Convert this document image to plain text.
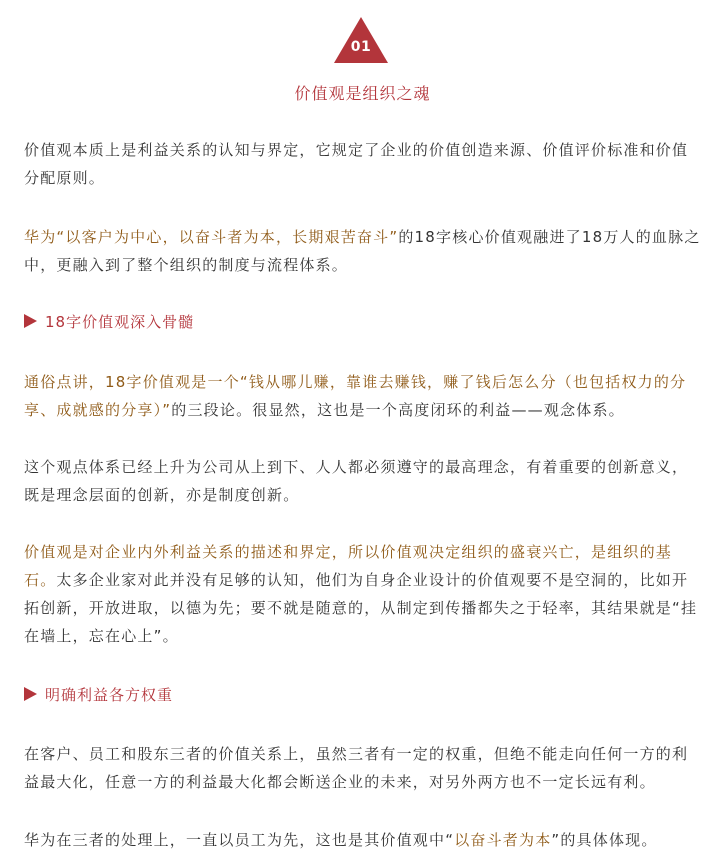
01
价值观是组织之魂

价值观本质上是利益关系的认知与界定，它规定了企业的价值创造来源、价值评价标准和价值分配原则。

华为“以客户为中心，以奋斗者为本，长期艰苦奋斗”的18字核心价值观融进了18万人的血脉之中，更融入到了整个组织的制度与流程体系。

18字价值观深入骨髓

通俗点讲，18字价值观是一个“钱从哪儿赚，靠谁去赚钱，赚了钱后怎么分（也包括权力的分享、成就感的分享）”的三段论。很显然，这也是一个高度闭环的利益——观念体系。

这个观点体系已经上升为公司从上到下、人人都必须遵守的最高理念，有着重要的创新意义，既是理念层面的创新，亦是制度创新。

价值观是对企业内外利益关系的描述和界定，所以价值观决定组织的盛衰兴亡，是组织的基石。太多企业家对此并没有足够的认知，他们为自身企业设计的价值观要不是空洞的，比如开拓创新，开放进取，以德为先；要不就是随意的，从制定到传播都失之于轻率，其结果就是“挂在墙上，忘在心上”。

明确利益各方权重

在客户、员工和股东三者的价值关系上，虽然三者有一定的权重，但绝不能走向任何一方的利益最大化，任意一方的利益最大化都会断送企业的未来，对另外两方也不一定长远有利。

华为在三者的处理上，一直以员工为先，这也是其价值观中“以奋斗者为本”的具体体现。
